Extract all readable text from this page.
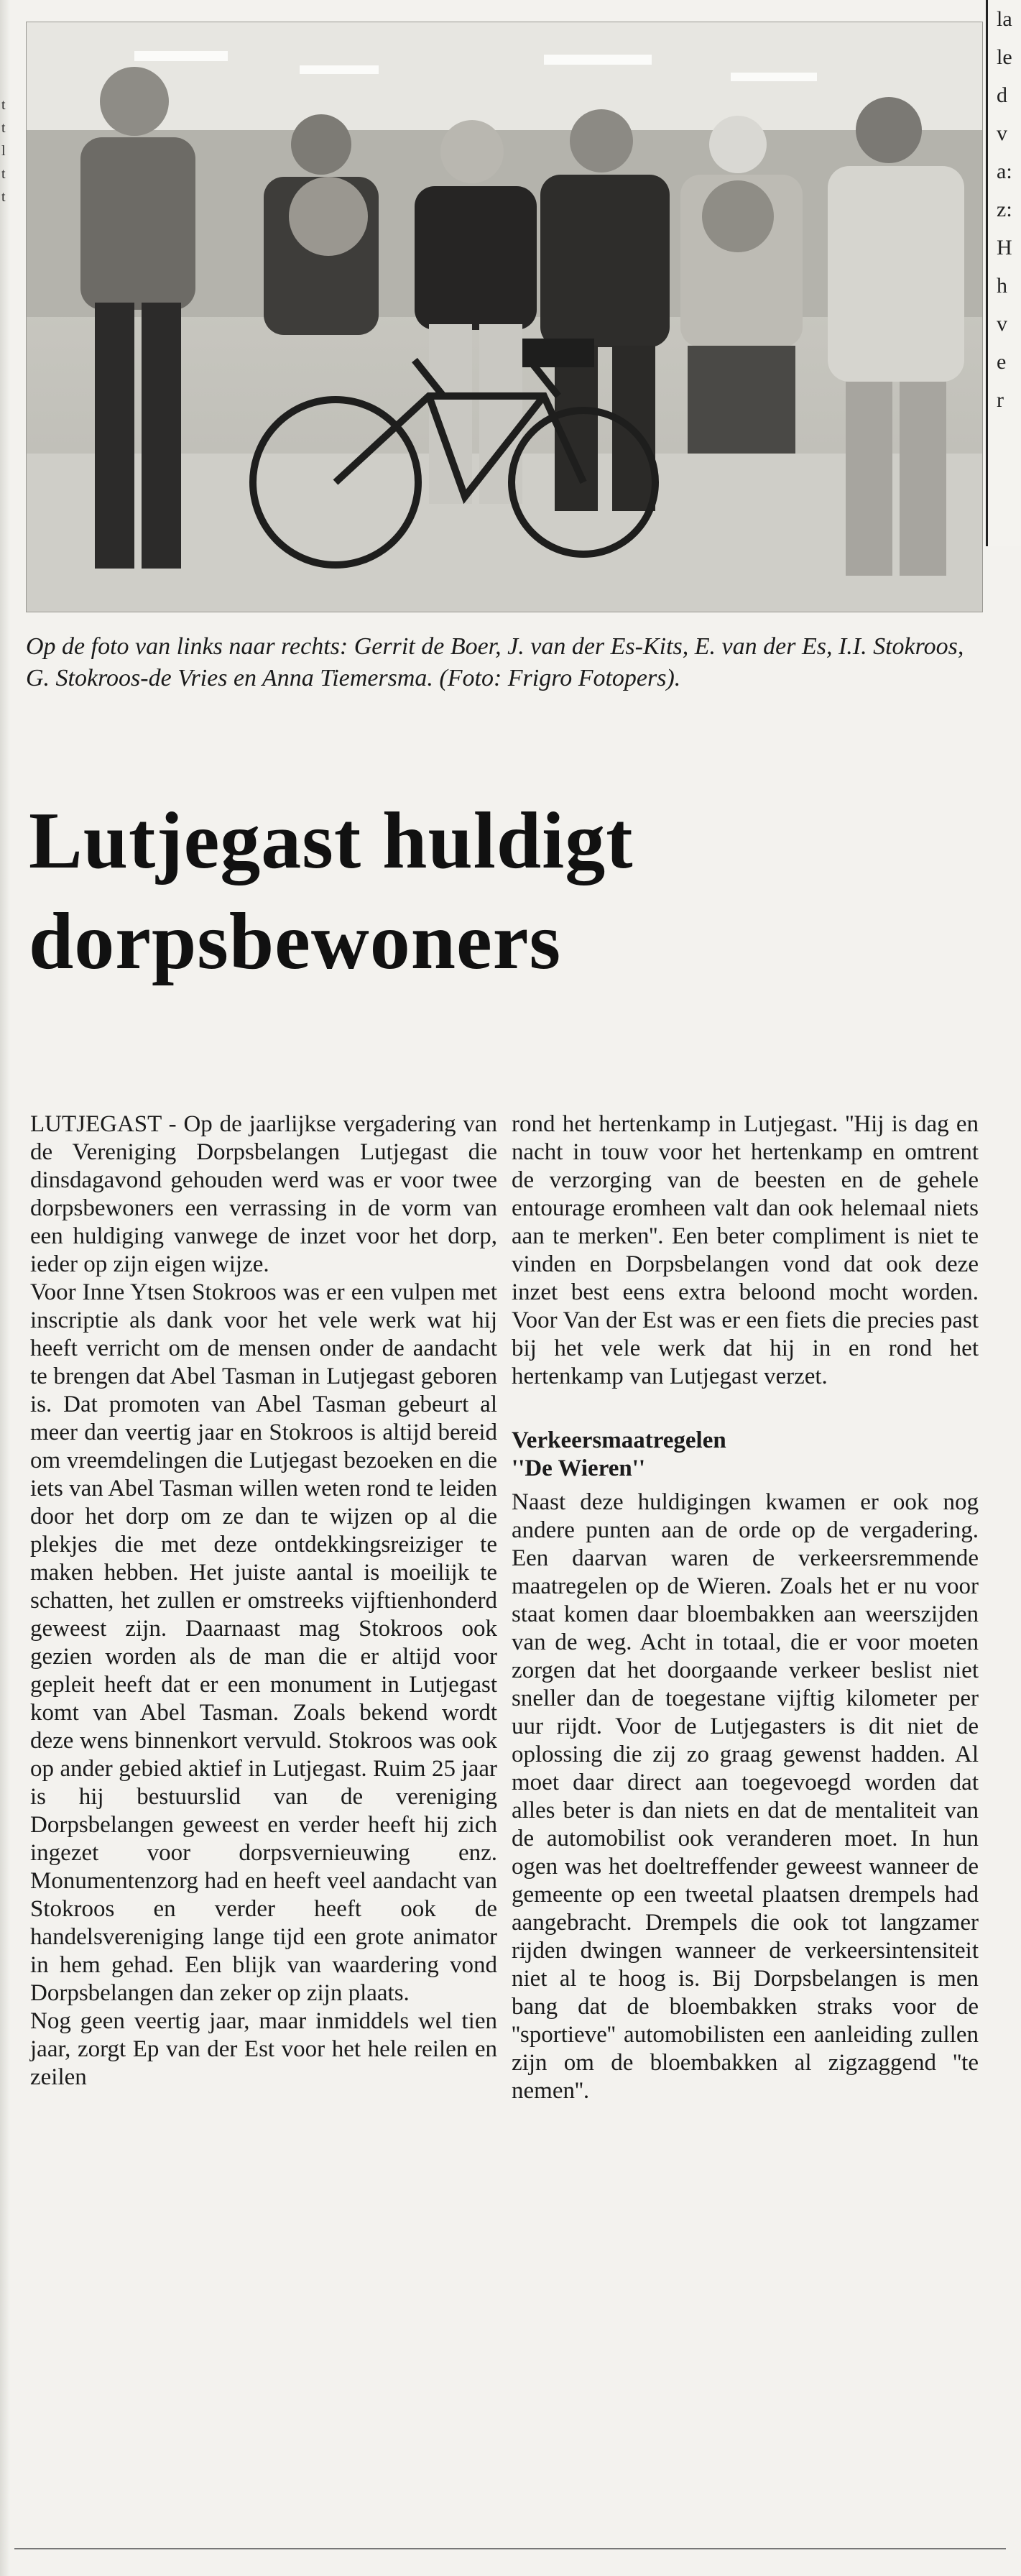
t
t
l
t
t
la
le
d
v
a:
z:
H
h
v
e
r
Op de foto van links naar rechts: Gerrit de Boer, J. van der Es-Kits, E. van der Es, I.I. Stokroos, G. Stokroos-de Vries en Anna Tiemersma. (Foto: Frigro Fotopers).
Lutjegast huldigt dorpsbewoners

LUTJEGAST - Op de jaarlijkse vergadering van de Vereniging Dorpsbelangen Lutjegast die dinsdagavond gehouden werd was er voor twee dorpsbewoners een verrassing in de vorm van een huldiging vanwege de inzet voor het dorp, ieder op zijn eigen wijze.

Voor Inne Ytsen Stokroos was er een vulpen met inscriptie als dank voor het vele werk wat hij heeft verricht om de mensen onder de aandacht te brengen dat Abel Tasman in Lutjegast geboren is. Dat promoten van Abel Tasman gebeurt al meer dan veertig jaar en Stokroos is altijd bereid om vreemdelingen die Lutjegast bezoeken en die iets van Abel Tasman willen weten rond te leiden door het dorp om ze dan te wijzen op al die plekjes die met deze ontdekkingsreiziger te maken hebben. Het juiste aantal is moeilijk te schatten, het zullen er omstreeks vijftienhonderd geweest zijn. Daarnaast mag Stokroos ook gezien worden als de man die er altijd voor gepleit heeft dat er een monument in Lutjegast komt van Abel Tasman. Zoals bekend wordt deze wens binnenkort vervuld. Stokroos was ook op ander gebied aktief in Lutjegast. Ruim 25 jaar is hij bestuurslid van de vereniging Dorpsbelangen geweest en verder heeft hij zich ingezet voor dorpsvernieuwing enz. Monumentenzorg had en heeft veel aandacht van Stokroos en verder heeft ook de handelsvereniging lange tijd een grote animator in hem gehad. Een blijk van waardering vond Dorpsbelangen dan zeker op zijn plaats.

Nog geen veertig jaar, maar inmiddels wel tien jaar, zorgt Ep van der Est voor het hele reilen en zeilen

rond het hertenkamp in Lutjegast. ''Hij is dag en nacht in touw voor het hertenkamp en omtrent de verzorging van de beesten en de gehele entourage eromheen valt dan ook helemaal niets aan te merken''. Een beter compliment is niet te vinden en Dorpsbelangen vond dat ook deze inzet best eens extra beloond mocht worden. Voor Van der Est was er een fiets die precies past bij het vele werk dat hij in en rond het hertenkamp van Lutjegast verzet.

Verkeersmaatregelen
''De Wieren''

Naast deze huldigingen kwamen er ook nog andere punten aan de orde op de vergadering. Een daarvan waren de verkeersremmende maatregelen op de Wieren. Zoals het er nu voor staat komen daar bloembakken aan weerszijden van de weg. Acht in totaal, die er voor moeten zorgen dat het doorgaande verkeer beslist niet sneller dan de toegestane vijftig kilometer per uur rijdt. Voor de Lutjegasters is dit niet de oplossing die zij zo graag gewenst hadden. Al moet daar direct aan toegevoegd worden dat alles beter is dan niets en dat de mentaliteit van de automobilist ook veranderen moet. In hun ogen was het doeltreffender geweest wanneer de gemeente op een tweetal plaatsen drempels had aangebracht. Drempels die ook tot langzamer rijden dwingen wanneer de verkeersintensiteit niet al te hoog is. Bij Dorpsbelangen is men bang dat de bloembakken straks voor de ''sportieve'' automobilisten een aanleiding zullen zijn om de bloembakken al zigzaggend ''te nemen''.
